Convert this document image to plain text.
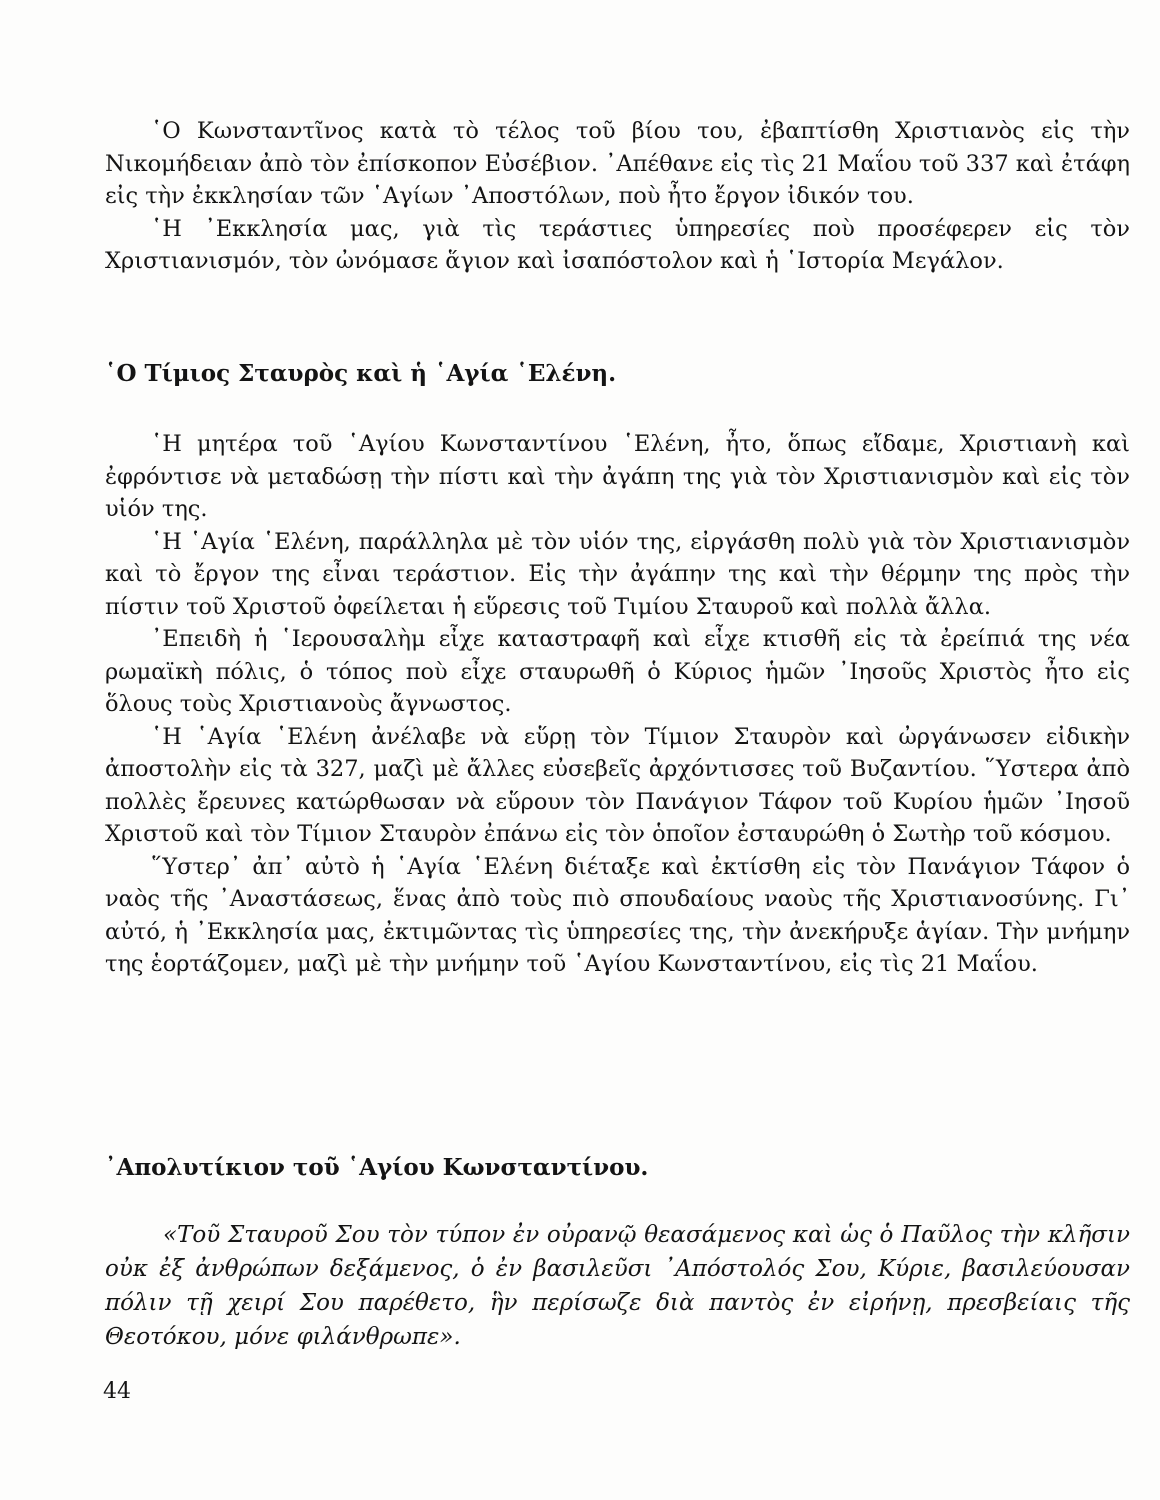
῾Ο Κωνσταντῖνος κατὰ τὸ τέλος τοῦ βίου του, ἐβαπτίσθη Χριστιανὸς εἰς τὴν Νικομήδειαν ἀπὸ τὸν ἐπίσκοπον Εὐσέβιον. ᾿Απέθανε εἰς τὶς 21 Μαΐου τοῦ 337 καὶ ἐτάφη εἰς τὴν ἐκκλησίαν τῶν ῾Αγίων ᾿Αποστόλων, ποὺ ἦτο ἔργον ἰδικόν του.

῾Η ᾿Εκκλησία μας, γιὰ τὶς τεράστιες ὑπηρεσίες ποὺ προσέφερεν εἰς τὸν Χριστιανισμόν, τὸν ὠνόμασε ἅγιον καὶ ἰσαπόστολον καὶ ἡ ῾Ιστορία Μεγάλον.

῾Ο Τίμιος Σταυρὸς καὶ ἡ ῾Αγία ῾Ελένη.

῾Η μητέρα τοῦ ῾Αγίου Κωνσταντίνου ῾Ελένη, ἦτο, ὅπως εἴδαμε, Χριστιανὴ καὶ ἐφρόντισε νὰ μεταδώσῃ τὴν πίστι καὶ τὴν ἀγάπη της γιὰ τὸν Χριστιανισμὸν καὶ εἰς τὸν υἱόν της.

῾Η ῾Αγία ῾Ελένη, παράλληλα μὲ τὸν υἱόν της, εἰργάσθη πολὺ γιὰ τὸν Χριστιανισμὸν καὶ τὸ ἔργον της εἶναι τεράστιον. Εἰς τὴν ἀγάπην της καὶ τὴν θέρμην της πρὸς τὴν πίστιν τοῦ Χριστοῦ ὀφείλεται ἡ εὕρεσις τοῦ Τιμίου Σταυροῦ καὶ πολλὰ ἄλλα.

᾿Επειδὴ ἡ ῾Ιερουσαλὴμ εἶχε καταστραφῆ καὶ εἶχε κτισθῆ εἰς τὰ ἐρείπιά της νέα ρωμαϊκὴ πόλις, ὁ τόπος ποὺ εἶχε σταυρωθῆ ὁ Κύριος ἡμῶν ᾿Ιησοῦς Χριστὸς ἦτο εἰς ὅλους τοὺς Χριστιανοὺς ἄγνωστος.

῾Η ῾Αγία ῾Ελένη ἀνέλαβε νὰ εὕρῃ τὸν Τίμιον Σταυρὸν καὶ ὠργάνωσεν εἰδικὴν ἀποστολὴν εἰς τὰ 327, μαζὶ μὲ ἄλλες εὐσεβεῖς ἀρχόντισσες τοῦ Βυζαντίου. ῞Υστερα ἀπὸ πολλὲς ἔρευνες κατώρθωσαν νὰ εὕρουν τὸν Πανάγιον Τάφον τοῦ Κυρίου ἡμῶν ᾿Ιησοῦ Χριστοῦ καὶ τὸν Τίμιον Σταυρὸν ἐπάνω εἰς τὸν ὁποῖον ἐσταυρώθη ὁ Σωτὴρ τοῦ κόσμου.

῞Υστερ᾿ ἀπ᾿ αὐτὸ ἡ ῾Αγία ῾Ελένη διέταξε καὶ ἐκτίσθη εἰς τὸν Πανάγιον Τάφον ὁ ναὸς τῆς ᾿Αναστάσεως, ἕνας ἀπὸ τοὺς πιὸ σπουδαίους ναοὺς τῆς Χριστιανοσύνης. Γι᾿ αὐτό, ἡ ᾿Εκκλησία μας, ἐκτιμῶντας τὶς ὑπηρεσίες της, τὴν ἀνεκήρυξε ἁγίαν. Τὴν μνήμην της ἑορτάζομεν, μαζὶ μὲ τὴν μνήμην τοῦ ῾Αγίου Κωνσταντίνου, εἰς τὶς 21 Μαΐου.

᾿Απολυτίκιον τοῦ ῾Αγίου Κωνσταντίνου.

«Τοῦ Σταυροῦ Σου τὸν τύπον ἐν οὐρανῷ θεασάμενος καὶ ὡς ὁ Παῦλος τὴν κλῆσιν οὐκ ἐξ ἀνθρώπων δεξάμενος, ὁ ἐν βασιλεῦσι ᾿Απόστολός Σου, Κύριε, βασιλεύουσαν πόλιν τῇ χειρί Σου παρέθετο, ἣν περίσωζε διὰ παντὸς ἐν εἰρήνῃ, πρεσβείαις τῆς Θεοτόκου, μόνε φιλάνθρωπε».

44
